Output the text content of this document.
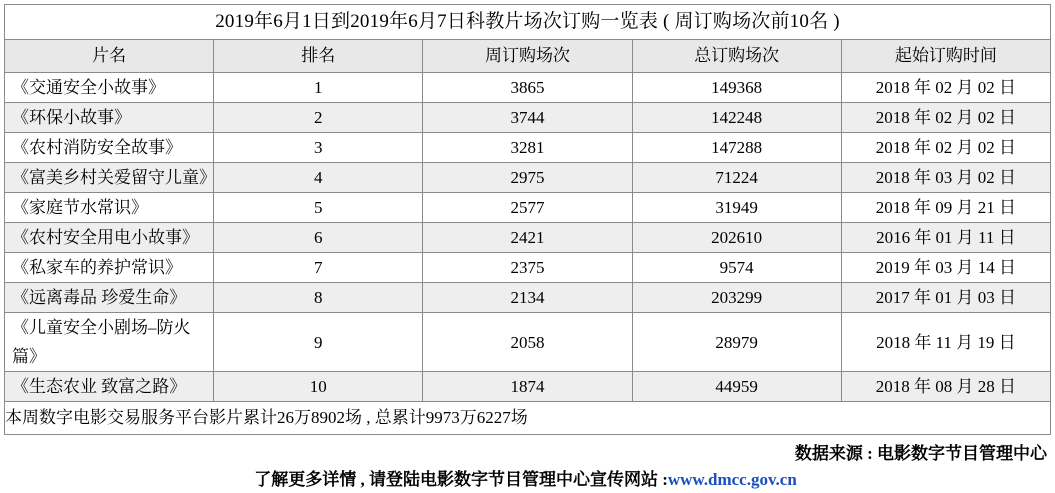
2019年6月1日到2019年6月7日科教片场次订购一览表 ( 周订购场次前10名 )				
片名	排名	周订购场次	总订购场次	起始订购时间
《交通安全小故事》	1	3865	149368	2018 年 02 月 02 日
《环保小故事》	2	3744	142248	2018 年 02 月 02 日
《农村消防安全故事》	3	3281	147288	2018 年 02 月 02 日
《富美乡村关爱留守儿童》	4	2975	71224	2018 年 03 月 02 日
《家庭节水常识》	5	2577	31949	2018 年 09 月 21 日
《农村安全用电小故事》	6	2421	202610	2016 年 01 月 11 日
《私家车的养护常识》	7	2375	9574	2019 年 03 月 14 日
《远离毒品 珍爱生命》	8	2134	203299	2017 年 01 月 03 日
《儿童安全小剧场–防火篇》	9	2058	28979	2018 年 11 月 19 日
《生态农业 致富之路》	10	1874	44959	2018 年 08 月 28 日
本周数字电影交易服务平台影片累计26万8902场 , 总累计9973万6227场				
数据来源 : 电影数字节目管理中心
了解更多详情 , 请登陆电影数字节目管理中心宣传网站 :www.dmcc.gov.cn
